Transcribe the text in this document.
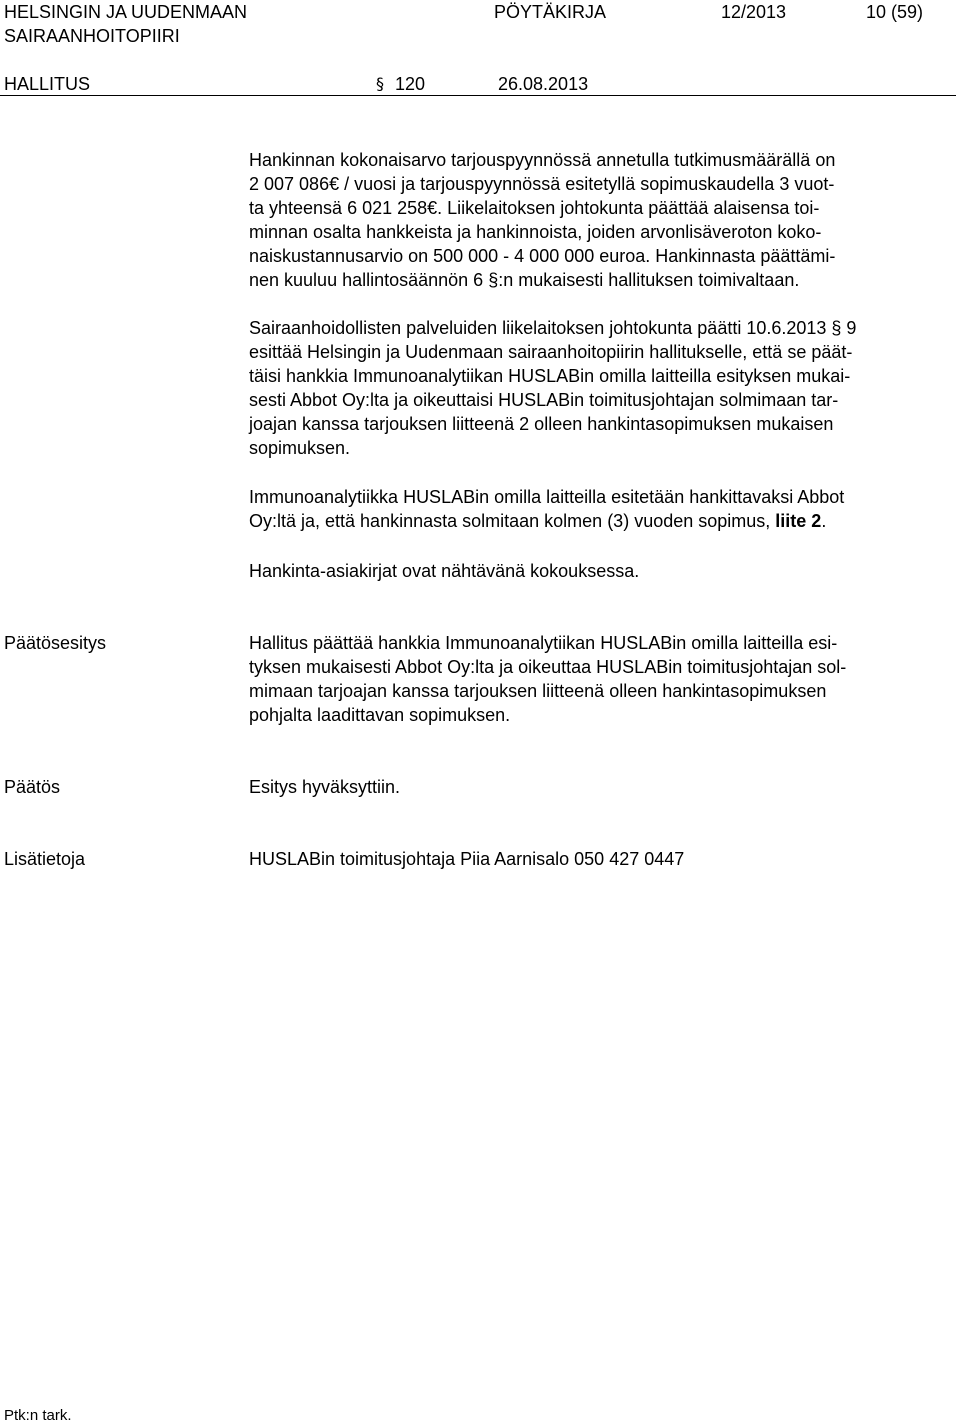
HELSINGIN JA UUDENMAAN
SAIRAANHOITOPIIRI
PÖYTÄKIRJA	12/2013	10 (59)
HALLITUS	§ 120	26.08.2013
Hankinnan kokonaisarvo tarjouspyynnössä annetulla tutkimusmäärällä on
2 007 086€ / vuosi ja tarjouspyynnössä esitetyllä sopimuskaudella 3 vuot-
ta yhteensä 6 021 258€. Liikelaitoksen johtokunta päättää alaisensa toi-
minnan osalta hankkeista ja hankinnoista, joiden arvonlisäveroton koko-
naiskustannusarvio on 500 000 - 4 000 000 euroa. Hankinnasta päättämi-
nen kuuluu hallintosäännön 6 §:n mukaisesti hallituksen toimivaltaan.
Sairaanhoidollisten palveluiden liikelaitoksen johtokunta päätti 10.6.2013 § 9
esittää Helsingin ja Uudenmaan sairaanhoitopiirin hallitukselle, että se päät-
täisi hankkia Immunoanalytiikan HUSLABin omilla laitteilla esityksen mukai-
sesti Abbot Oy:lta ja oikeuttaisi HUSLABin toimitusjohtajan solmimaan tar-
joajan kanssa tarjouksen liitteenä 2 olleen hankintasopimuksen mukaisen
sopimuksen.
Immunoanalytiikka HUSLABin omilla laitteilla esitetään hankittavaksi Abbot
Oy:ltä ja, että hankinnasta solmitaan kolmen (3) vuoden sopimus, liite 2.
Hankinta-asiakirjat ovat nähtävänä kokouksessa.
Päätösesitys	Hallitus päättää hankkia Immunoanalytiikan HUSLABin omilla laitteilla esi-
tyksen mukaisesti Abbot Oy:lta ja oikeuttaa HUSLABin toimitusjohtajan sol-
mimaan tarjoajan kanssa tarjouksen liitteenä olleen hankintasopimuksen
pohjalta laadittavan sopimuksen.
Päätös	Esitys hyväksyttiin.
Lisätietoja	HUSLABin toimitusjohtaja Piia Aarnisalo 050 427 0447
Ptk:n tark.
